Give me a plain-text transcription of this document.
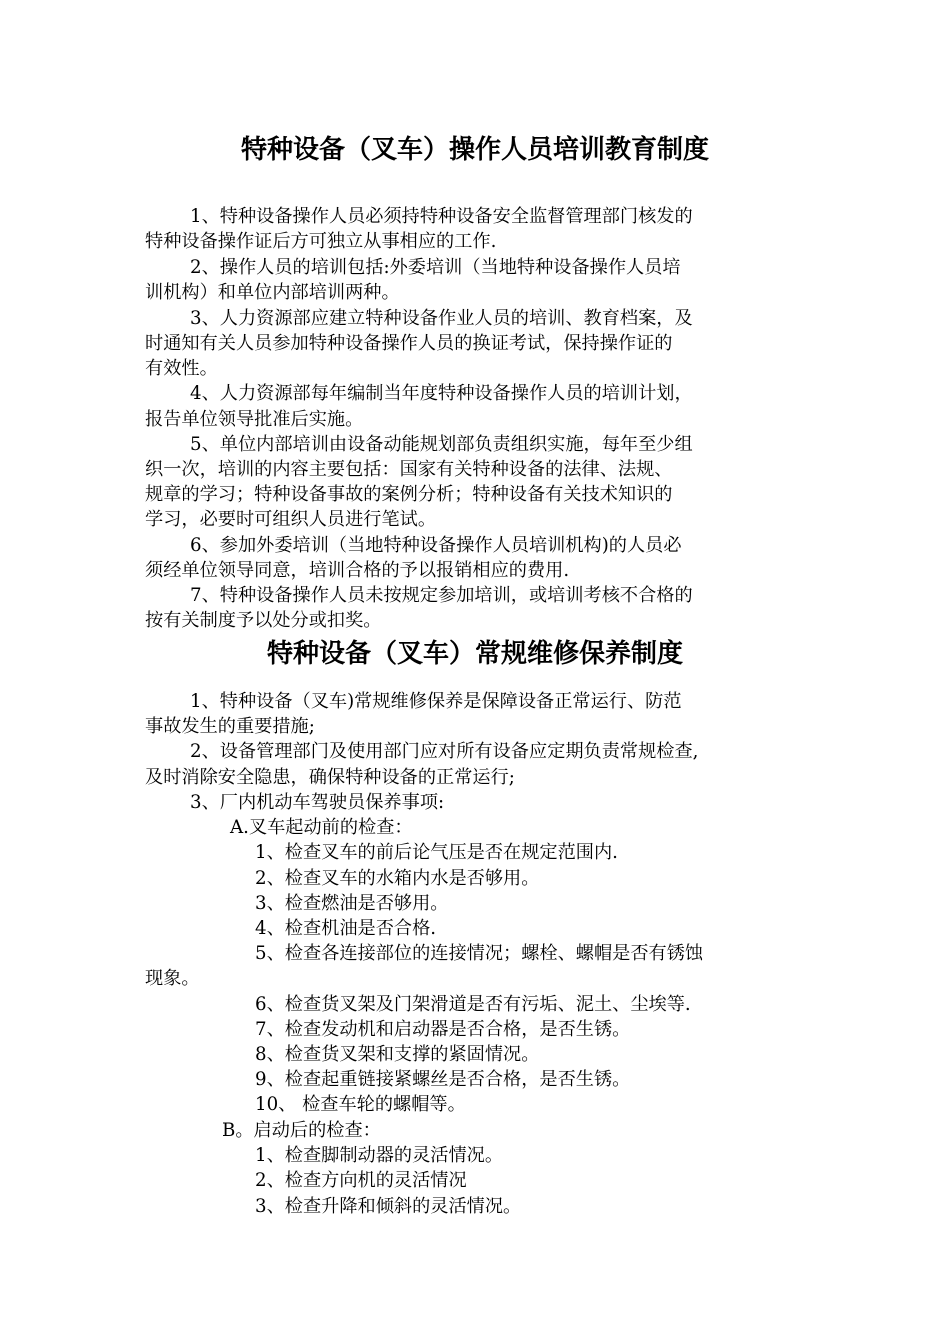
特种设备（叉车）操作人员培训教育制度
1、特种设备操作人员必须持特种设备安全监督管理部门核发的
特种设备操作证后方可独立从事相应的工作.
2、操作人员的培训包括:外委培训（当地特种设备操作人员培
训机构）和单位内部培训两种。
3、人力资源部应建立特种设备作业人员的培训、教育档案，及
时通知有关人员参加特种设备操作人员的换证考试，保持操作证的
有效性。
4、人力资源部每年编制当年度特种设备操作人员的培训计划，
报告单位领导批准后实施。
5、单位内部培训由设备动能规划部负责组织实施，每年至少组
织一次，培训的内容主要包括：国家有关特种设备的法律、法规、
规章的学习；特种设备事故的案例分析；特种设备有关技术知识的
学习，必要时可组织人员进行笔试。
6、参加外委培训（当地特种设备操作人员培训机构)的人员必
须经单位领导同意，培训合格的予以报销相应的费用.
7、特种设备操作人员未按规定参加培训，或培训考核不合格的
按有关制度予以处分或扣奖。
特种设备（叉车）常规维修保养制度
1、特种设备（叉车)常规维修保养是保障设备正常运行、防范
事故发生的重要措施;
2、设备管理部门及使用部门应对所有设备应定期负责常规检查,
及时消除安全隐患，确保特种设备的正常运行;
3、厂内机动车驾驶员保养事项:
A.叉车起动前的检查：
1、检查叉车的前后论气压是否在规定范围内.
2、检查叉车的水箱内水是否够用。
3、检查燃油是否够用。
4、检查机油是否合格.
5、检查各连接部位的连接情况；螺栓、螺帽是否有锈蚀
现象。
6、检查货叉架及门架滑道是否有污垢、泥土、尘埃等.
7、检查发动机和启动器是否合格，是否生锈。
8、检查货叉架和支撑的紧固情况。
9、检查起重链接紧螺丝是否合格，是否生锈。
10、 检查车轮的螺帽等。
B。启动后的检查：
1、检查脚制动器的灵活情况。
2、检查方向机的灵活情况
3、检查升降和倾斜的灵活情况。
